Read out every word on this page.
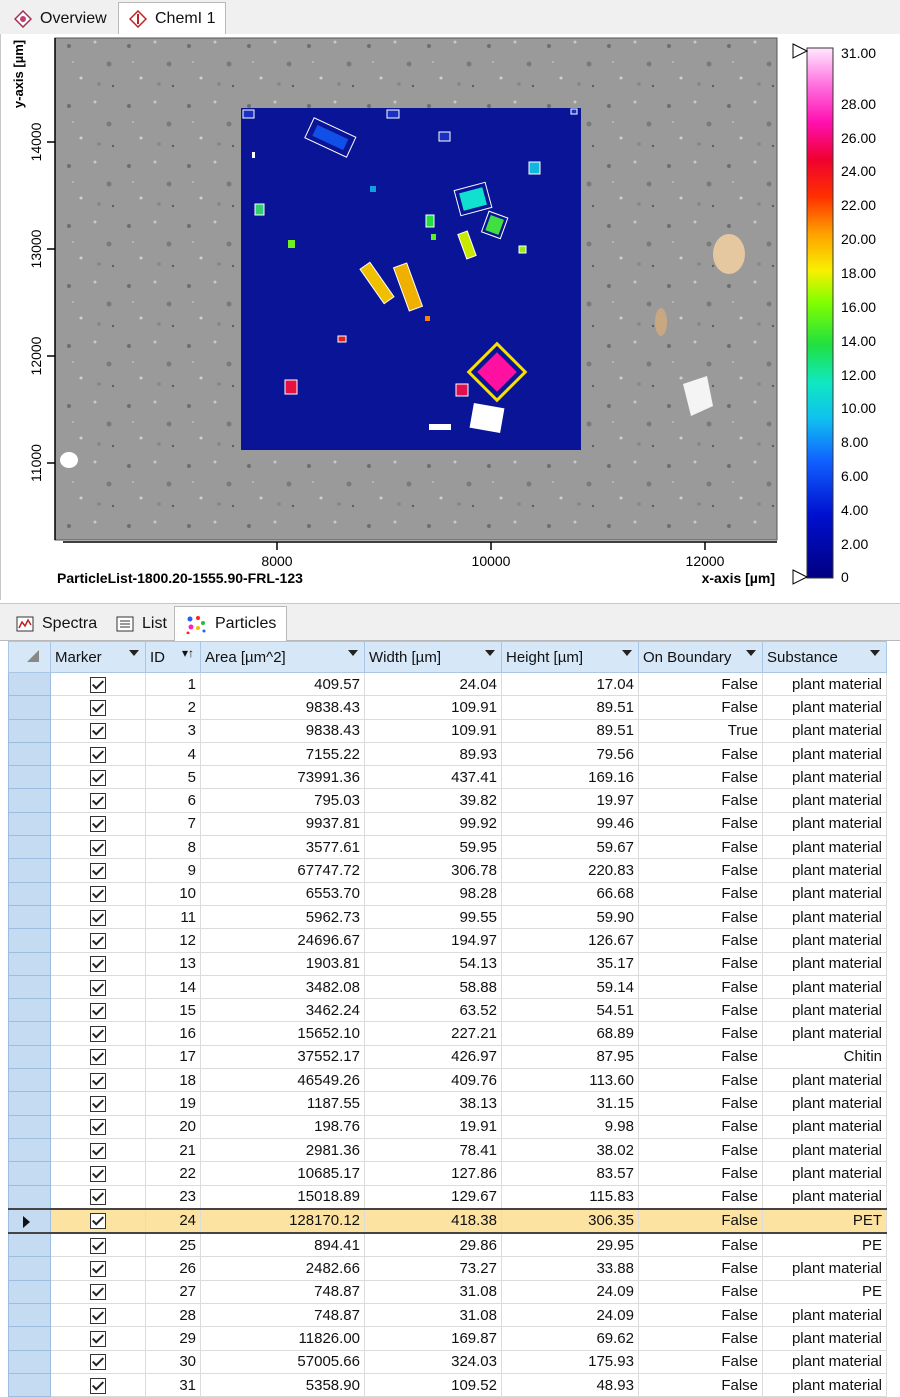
Overview	ChemI 1
14000
13000
12000
11000
8000	10000	12000
y-axis [µm]
x-axis [µm]
ParticleList-1800.20-1555.90-FRL-123
31.00
28.00
26.00
24.00
22.00
20.00
18.00
16.00
14.00
12.00
10.00
8.00
6.00
4.00
2.00
0
Spectra	List	Particles
	Marker	ID ▾↑	Area [µm^2]	Width [µm]	Height [µm]	On Boundary	Substance

		1	409.57	24.04	17.04	False	plant material
		2	9838.43	109.91	89.51	False	plant material
		3	9838.43	109.91	89.51	True	plant material
		4	7155.22	89.93	79.56	False	plant material
		5	73991.36	437.41	169.16	False	plant material
		6	795.03	39.82	19.97	False	plant material
		7	9937.81	99.92	99.46	False	plant material
		8	3577.61	59.95	59.67	False	plant material
		9	67747.72	306.78	220.83	False	plant material
		10	6553.70	98.28	66.68	False	plant material
		11	5962.73	99.55	59.90	False	plant material
		12	24696.67	194.97	126.67	False	plant material
		13	1903.81	54.13	35.17	False	plant material
		14	3482.08	58.88	59.14	False	plant material
		15	3462.24	63.52	54.51	False	plant material
		16	15652.10	227.21	68.89	False	plant material
		17	37552.17	426.97	87.95	False	Chitin
		18	46549.26	409.76	113.60	False	plant material
		19	1187.55	38.13	31.15	False	plant material
		20	198.76	19.91	9.98	False	plant material
		21	2981.36	78.41	38.02	False	plant material
		22	10685.17	127.86	83.57	False	plant material
		23	15018.89	129.67	115.83	False	plant material
		24	128170.12	418.38	306.35	False	PET
		25	894.41	29.86	29.95	False	PE
		26	2482.66	73.27	33.88	False	plant material
		27	748.87	31.08	24.09	False	PE
		28	748.87	31.08	24.09	False	plant material
		29	11826.00	169.87	69.62	False	plant material
		30	57005.66	324.03	175.93	False	plant material
		31	5358.90	109.52	48.93	False	plant material
